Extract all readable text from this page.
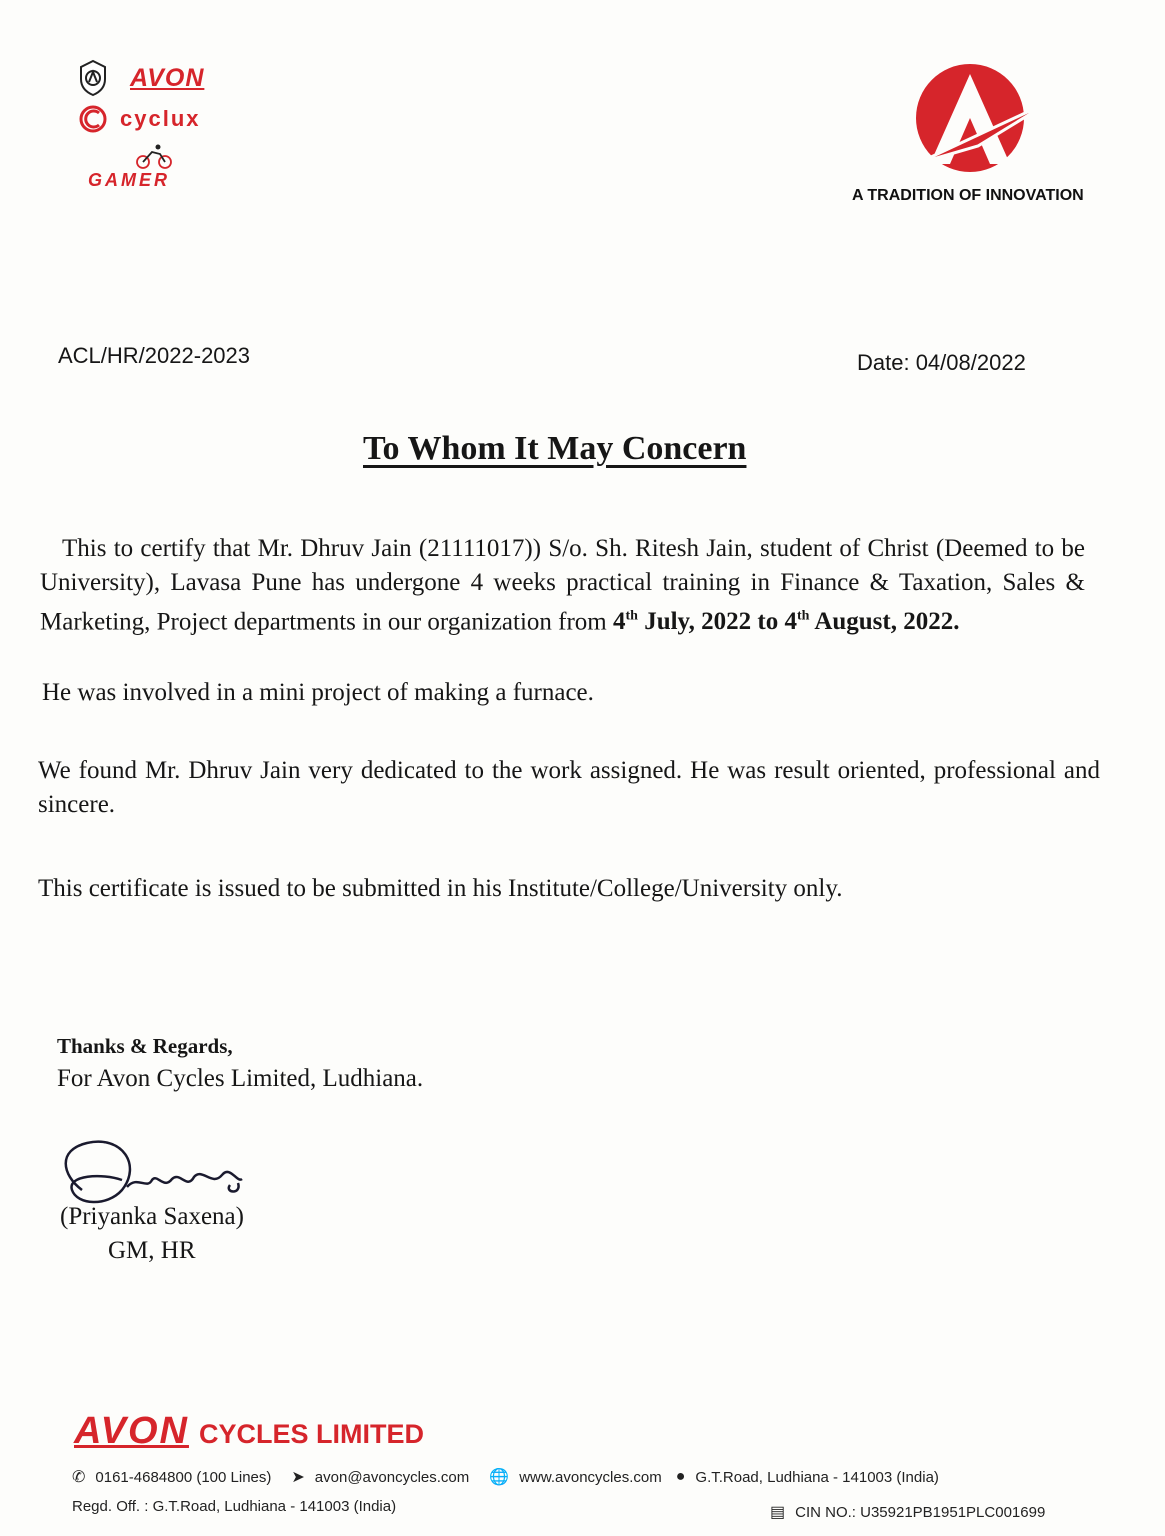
AVON
cyclux
GAMER
A TRADITION OF INNOVATION
ACL/HR/2022-2023	Date: 04/08/2022
To Whom It May Concern
This to certify that Mr. Dhruv Jain (21111017)) S/o. Sh. Ritesh Jain, student of Christ (Deemed to be University), Lavasa Pune has undergone 4 weeks practical training in Finance & Taxation, Sales & Marketing, Project departments in our organization from 4th July, 2022 to 4th August, 2022.
He was involved in a mini project of making a furnace.
We found Mr. Dhruv Jain very dedicated to the work assigned. He was result oriented, professional and sincere.
This certificate is issued to be submitted in his Institute/College/University only.
Thanks & Regards,
For Avon Cycles Limited, Ludhiana.
(Priyanka Saxena)
GM, HR
AVON CYCLES LIMITED
✆ 0161-4684800 (100 Lines) ➤ avon@avoncycles.com 🌐 www.avoncycles.com ● G.T.Road, Ludhiana - 141003 (India)
Regd. Off. : G.T.Road, Ludhiana - 141003 (India)	▤ CIN NO.: U35921PB1951PLC001699
